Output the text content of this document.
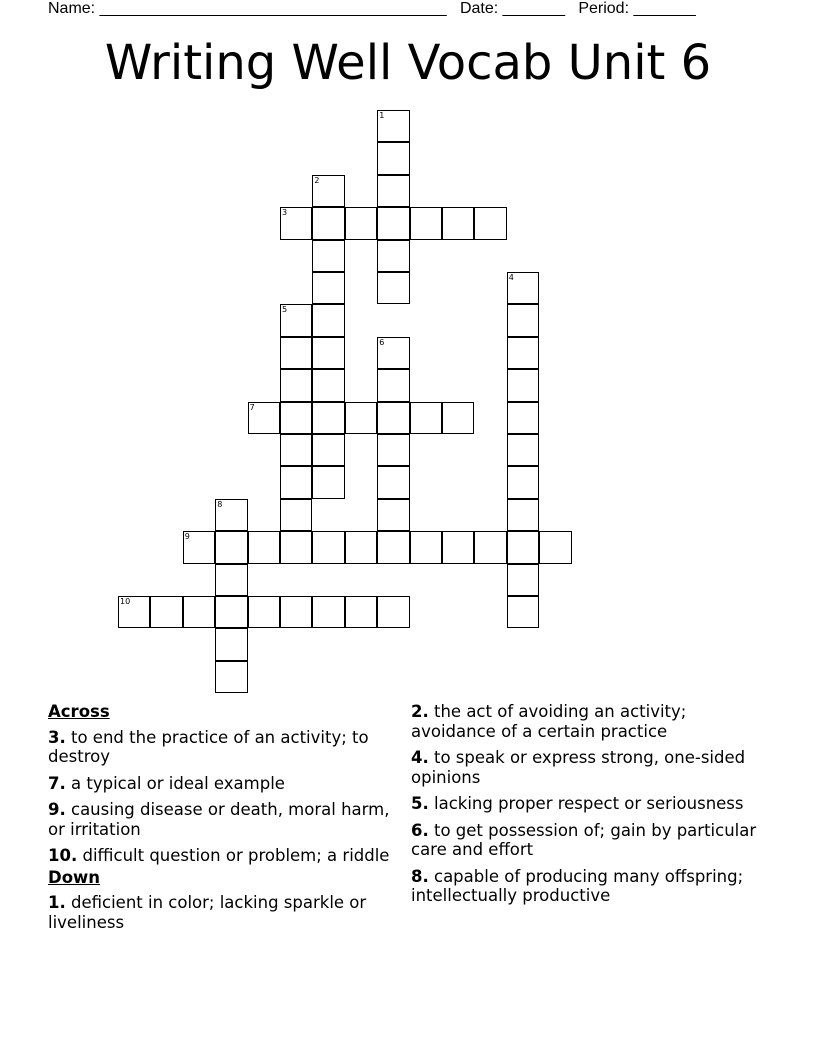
Name: _______________________________________ Date: _______ Period: _______
Writing Well Vocab Unit 6
1
2
3
4
5
6
7
8
9
10
Across
3. to end the practice of an activity; to destroy
7. a typical or ideal example
9. causing disease or death, moral harm, or irritation
10. difficult question or problem; a riddle
Down
1. deficient in color; lacking sparkle or liveliness
2. the act of avoiding an activity; avoidance of a certain practice
4. to speak or express strong, one-sided opinions
5. lacking proper respect or seriousness
6. to get possession of; gain by particular care and effort
8. capable of producing many offspring; intellectually productive
